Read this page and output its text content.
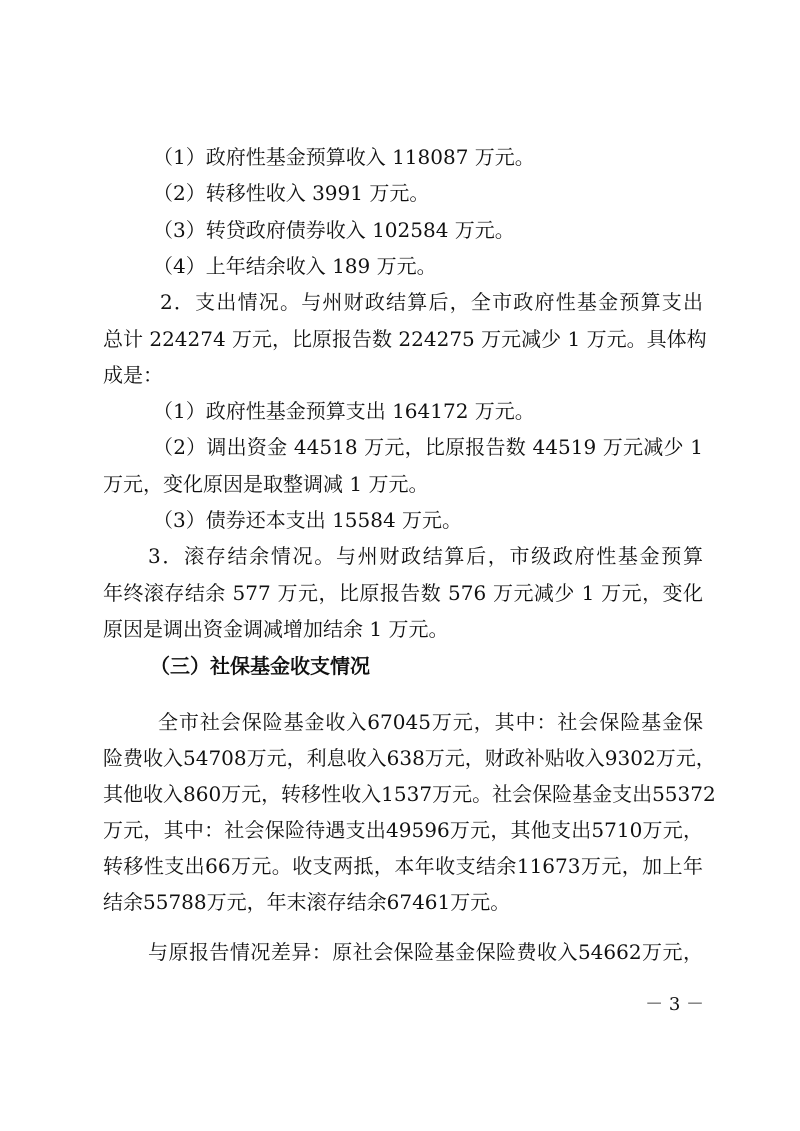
（1）政府性基金预算收入 118087 万元。
（2）转移性收入 3991 万元。
（3）转贷政府债券收入 102584 万元。
（4）上年结余收入 189 万元。
2．支出情况。与州财政结算后，全市政府性基金预算支出
总计 224274 万元，比原报告数 224275 万元减少 1 万元。具体构
成是：
（1）政府性基金预算支出 164172 万元。
（2）调出资金 44518 万元，比原报告数 44519 万元减少 1
万元，变化原因是取整调减 1 万元。
（3）债券还本支出 15584 万元。
3．滚存结余情况。与州财政结算后，市级政府性基金预算
年终滚存结余 577 万元，比原报告数 576 万元减少 1 万元，变化
原因是调出资金调减增加结余 1 万元。
（三）社保基金收支情况
全市社会保险基金收入67045万元，其中：社会保险基金保
险费收入54708万元，利息收入638万元，财政补贴收入9302万元，
其他收入860万元，转移性收入1537万元。社会保险基金支出55372
万元，其中：社会保险待遇支出49596万元，其他支出5710万元，
转移性支出66万元。收支两抵，本年收支结余11673万元，加上年
结余55788万元，年末滚存结余67461万元。
与原报告情况差异：原社会保险基金保险费收入54662万元，
－ 3 －
